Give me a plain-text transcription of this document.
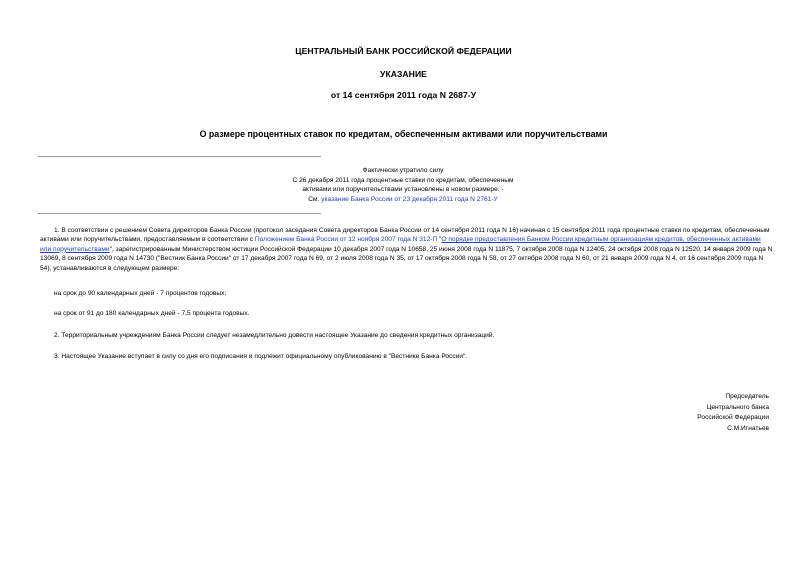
ЦЕНТРАЛЬНЫЙ БАНК РОССИЙСКОЙ ФЕДЕРАЦИИ
УКАЗАНИЕ
от 14 сентября 2011 года N 2687-У
О размере процентных ставок по кредитам, обеспеченным активами или поручительствами
Фактически утратило силу
С 26 декабря 2011 года процентные ставки по кредитам, обеспеченным
активами или поручительствами установлены в новом размере. -
См. указание Банка России от 23 декабря 2011 года N 2761-У
1. В соответствии с решением Совета директоров Банка России (протокол заседания Совета директоров Банка России от 14 сентября 2011 года N 16) начиная с 15 сентября 2011 года процентные ставки по кредитам, обеспеченным активами или поручительствами, предоставляемым в соответствии с Положением Банка России от 12 ноября 2007 года N 312-П "О порядке предоставления Банком России кредитным организациям кредитов, обеспеченных активами или поручительствами", зарегистрированным Министерством юстиции Российской Федерации 10 декабря 2007 года N 10658, 25 июня 2008 года N 11875, 7 октября 2008 года N 12405, 24 октября 2008 года N 12520, 14 января 2009 года N 13069, 8 сентября 2009 года N 14730 ("Вестник Банка России" от 17 декабря 2007 года N 69, от 2 июля 2008 года N 35, от 17 октября 2008 года N 58, от 27 октября 2008 года N 60, от 21 января 2009 года N 4, от 16 сентября 2009 года N 54), устанавливаются в следующем размере:
на срок до 90 календарных дней - 7 процентов годовых;
на срок от 91 до 180 календарных дней - 7,5 процента годовых.
2. Территориальным учреждениям Банка России следует незамедлительно довести настоящее Указание до сведения кредитных организаций.
3. Настоящее Указание вступает в силу со дня его подписания и подлежит официальному опубликованию в "Вестнике Банка России".
Председатель
Центрального банка
Российской Федерации
С.М.Игнатьев
